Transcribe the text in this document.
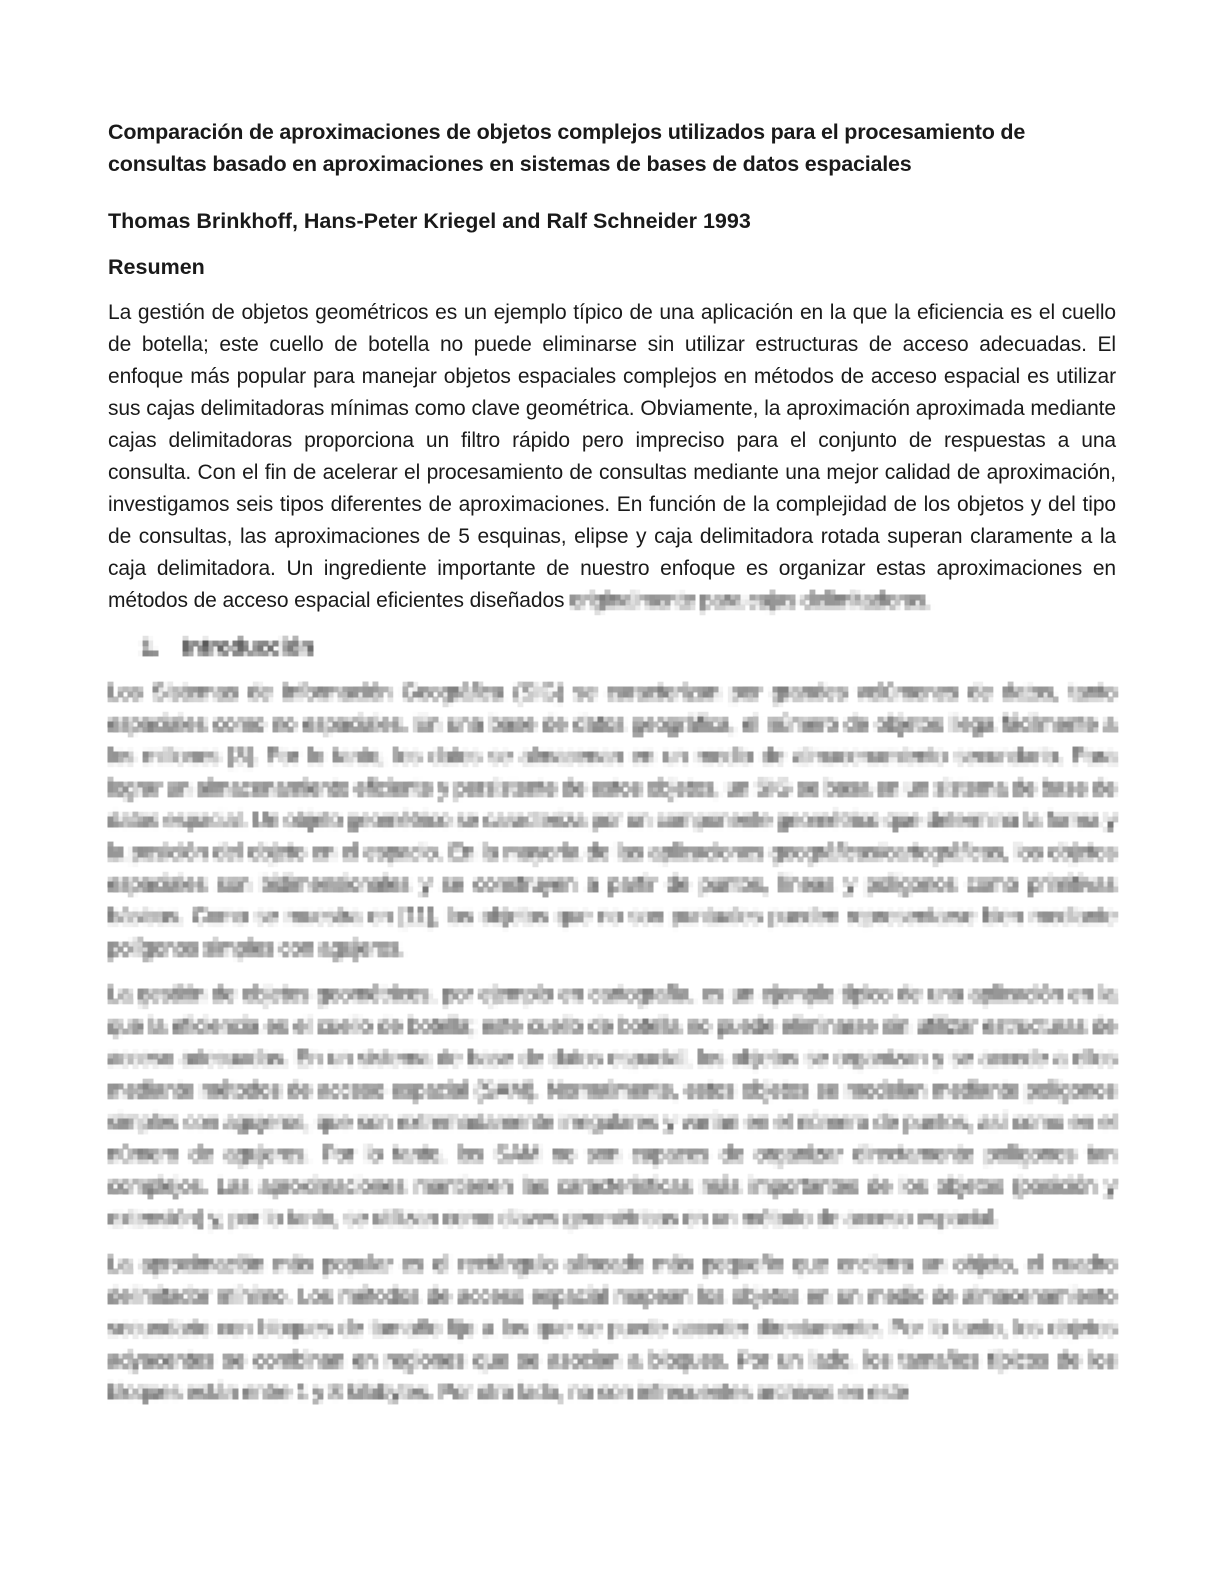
Comparación de aproximaciones de objetos complejos utilizados para el procesamiento de consultas basado en aproximaciones en sistemas de bases de datos espaciales

Thomas Brinkhoff, Hans-Peter Kriegel and Ralf Schneider 1993

Resumen

La gestión de objetos geométricos es un ejemplo típico de una aplicación en la que la eficiencia es el cuello de botella; este cuello de botella no puede eliminarse sin utilizar estructuras de acceso adecuadas. El enfoque más popular para manejar objetos espaciales complejos en métodos de acceso espacial es utilizar sus cajas delimitadoras mínimas como clave geométrica. Obviamente, la aproximación aproximada mediante cajas delimitadoras proporciona un filtro rápido pero impreciso para el conjunto de respuestas a una consulta. Con el fin de acelerar el procesamiento de consultas mediante una mejor calidad de aproximación, investigamos seis tipos diferentes de aproximaciones. En función de la complejidad de los objetos y del tipo de consultas, las aproximaciones de 5 esquinas, elipse y caja delimitadora rotada superan claramente a la caja delimitadora. Un ingrediente importante de nuestro enfoque es organizar estas aproximaciones en métodos de acceso espacial eficientes diseñados originalmente para cajas delimitadoras.

1. Introducción

Los Sistemas de Información Geográfica (SIG) se caracterizan por grandes volúmenes de datos, tanto espaciales como no espaciales. En una base de datos geográfica, el número de objetos llega fácilmente a los millones [3]. Por lo tanto, los datos se almacenan en un medio de almacenamiento secundario. Para lograr un almacenamiento eficiente y persistente de estos objetos, un SIG se basa en un sistema de base de datos espacial. Un objeto geométrico se caracteriza por un componente geométrico que determina la forma y la posición del objeto en el espacio. En la mayoría de las aplicaciones geográficas/cartográficas, los objetos espaciales son bidimensionales y se construyen a partir de puntos, líneas y polígonos como primitivas básicas. Como se muestra en [11], los objetos que no son puntuales pueden representarse bien mediante polígonos simples con agujeros.

La gestión de objetos geométricos, por ejemplo en cartografía, es un ejemplo típico de una aplicación en la que la eficiencia es el cuello de botella; este cuello de botella no puede eliminarse sin utilizar estructuras de acceso adecuadas. En un sistema de base de datos espacial, los objetos se organizan y se accede a ellos mediante métodos de acceso espacial (SAM). Normalmente, estos objetos se modelan mediante polígonos simples con agujeros, que son extremadamente irregulares y varían en el número de puntos, así como en el número de agujeros. Por lo tanto, los SAM no son capaces de organizar directamente polígonos tan complejos. Las aproximaciones mantienen las características más importantes de los objetos (posición y extensión) y, por lo tanto, se utilizan como claves geométricas en un método de acceso espacial.

La aproximación más popular es el rectángulo alineado más pequeño que encierra un objeto, el cuadro delimitador mínimo. Los métodos de acceso espacial mapean los objetos en un medio de almacenamiento secundario con bloques de tamaño fijo a los que se puede acceder directamente. Por lo tanto, los objetos adyacentes se combinan en regiones que se asocian a bloques. Por un lado, los tamaños típicos de los bloques están entre 1 y 8 kilobytes. Por otro lado, no son infrecuentes archivos en este
